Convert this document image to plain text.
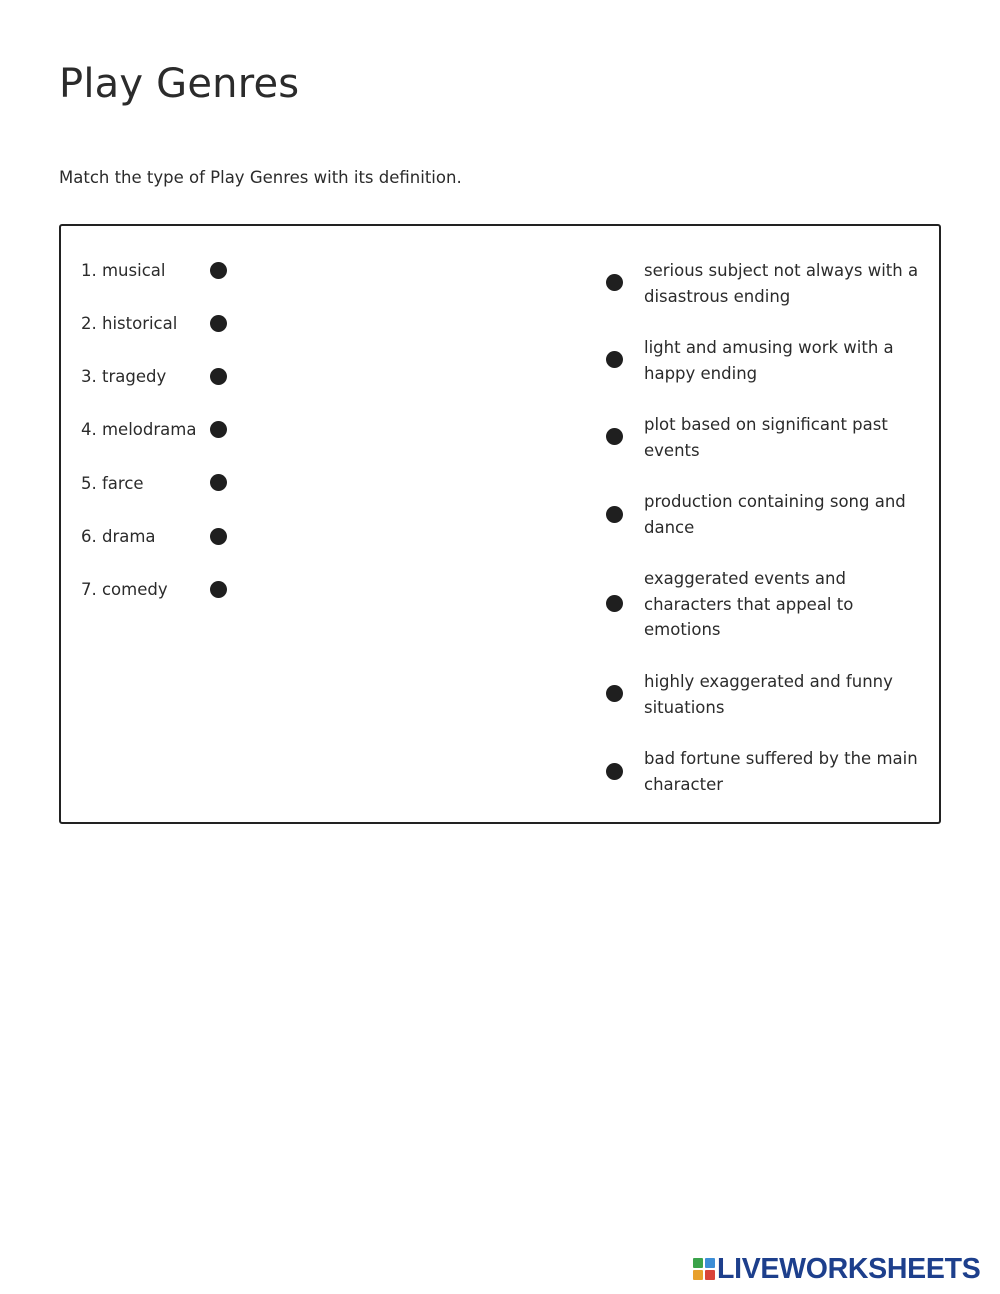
Play Genres

Match the type of Play Genres with its definition.

1. musical
2. historical
3. tragedy
4. melodrama
5. farce
6. drama
7. comedy
serious subject not always with a disastrous ending
light and amusing work with a happy ending
plot based on significant past events
production containing song and dance
exaggerated events and characters that appeal to emotions
highly exaggerated and funny situations
bad fortune suffered by the main character
LIVEWORKSHEETS
